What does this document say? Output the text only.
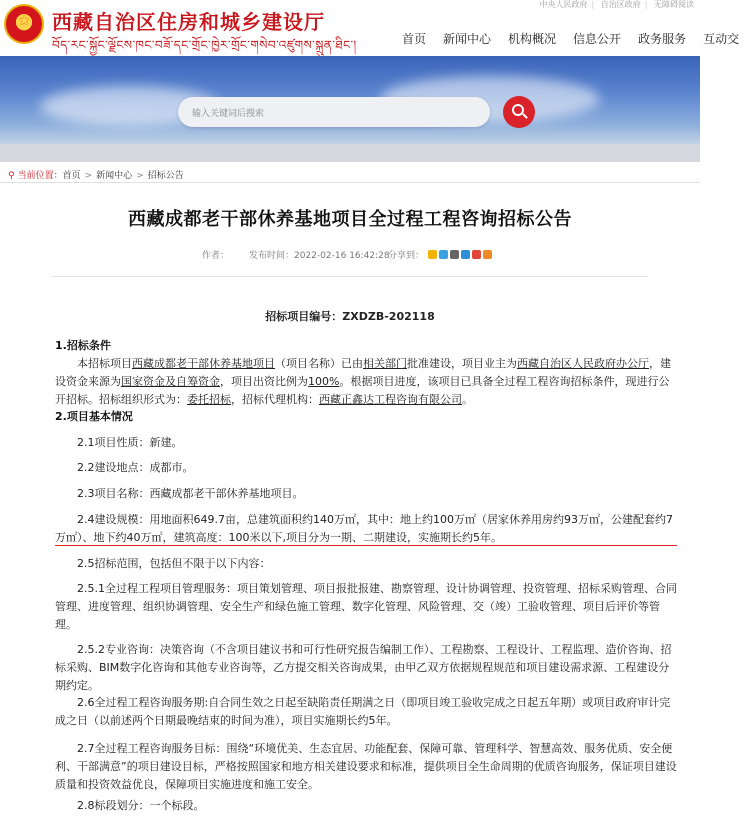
★
西藏自治区住房和城乡建设厅
བོད་རང་སྐྱོང་ལྗོངས་ཁང་བཟོ་དང་གྲོང་ཁྱེར་གྲོང་གསེབ་འཛུགས་སྐྲུན་ཐིང་།
中央人民政府 | 自治区政府 | 无障碍阅读
首页 新闻中心 机构概况 信息公开 政务服务 互动交
输入关键词后搜索
⚲ 当前位置：首页 > 新闻中心 > 招标公告
西藏成都老干部休养基地项目全过程工程咨询招标公告
作者： 发布时间：2022-02-16 16:42:28
分享到：
招标项目编号：ZXDZB-202118
1.招标条件
本招标项目西藏成都老干部休养基地项目（项目名称）已由相关部门批准建设，项目业主为西藏自治区人民政府办公厅，建设资金来源为国家资金及自筹资金，项目出资比例为100%。根据项目进度，该项目已具备全过程工程咨询招标条件，现进行公开招标。招标组织形式为：委托招标，招标代理机构：西藏正鑫达工程咨询有限公司。
2.项目基本情况
2.1项目性质：新建。
2.2建设地点：成都市。
2.3项目名称：西藏成都老干部休养基地项目。
2.4建设规模：用地面积649.7亩，总建筑面积约140万㎡，其中：地上约100万㎡（居家休养用房约93万㎡，公建配套约7万㎡）、地下约40万㎡，建筑高度：100米以下,项目分为一期、二期建设，实施期长约5年。
2.5招标范围，包括但不限于以下内容：
2.5.1全过程工程项目管理服务：项目策划管理、项目报批报建、勘察管理、设计协调管理、投资管理、招标采购管理、合同管理、进度管理、组织协调管理、安全生产和绿色施工管理、数字化管理、风险管理、交（竣）工验收管理、项目后评价等管理。
2.5.2专业咨询：决策咨询（不含项目建议书和可行性研究报告编制工作）、工程勘察、工程设计、工程监理、造价咨询、招标采购、BIM数字化咨询和其他专业咨询等，乙方提交相关咨询成果，由甲乙双方依据规程规范和项目建设需求源、工程建设分期约定。
2.6全过程工程咨询服务期:自合同生效之日起至缺陷责任期满之日（即项目竣工验收完成之日起五年期）或项目政府审计完成之日（以前述两个日期最晚结束的时间为准），项目实施期长约5年。
2.7全过程工程咨询服务目标：围绕“环境优美、生态宜居、功能配套、保障可靠、管理科学、智慧高效、服务优质、安全便利、干部满意”的项目建设目标，严格按照国家和地方相关建设要求和标准，提供项目全生命周期的优质咨询服务，保证项目建设质量和投资效益优良，保障项目实施进度和施工安全。
2.8标段划分：一个标段。
